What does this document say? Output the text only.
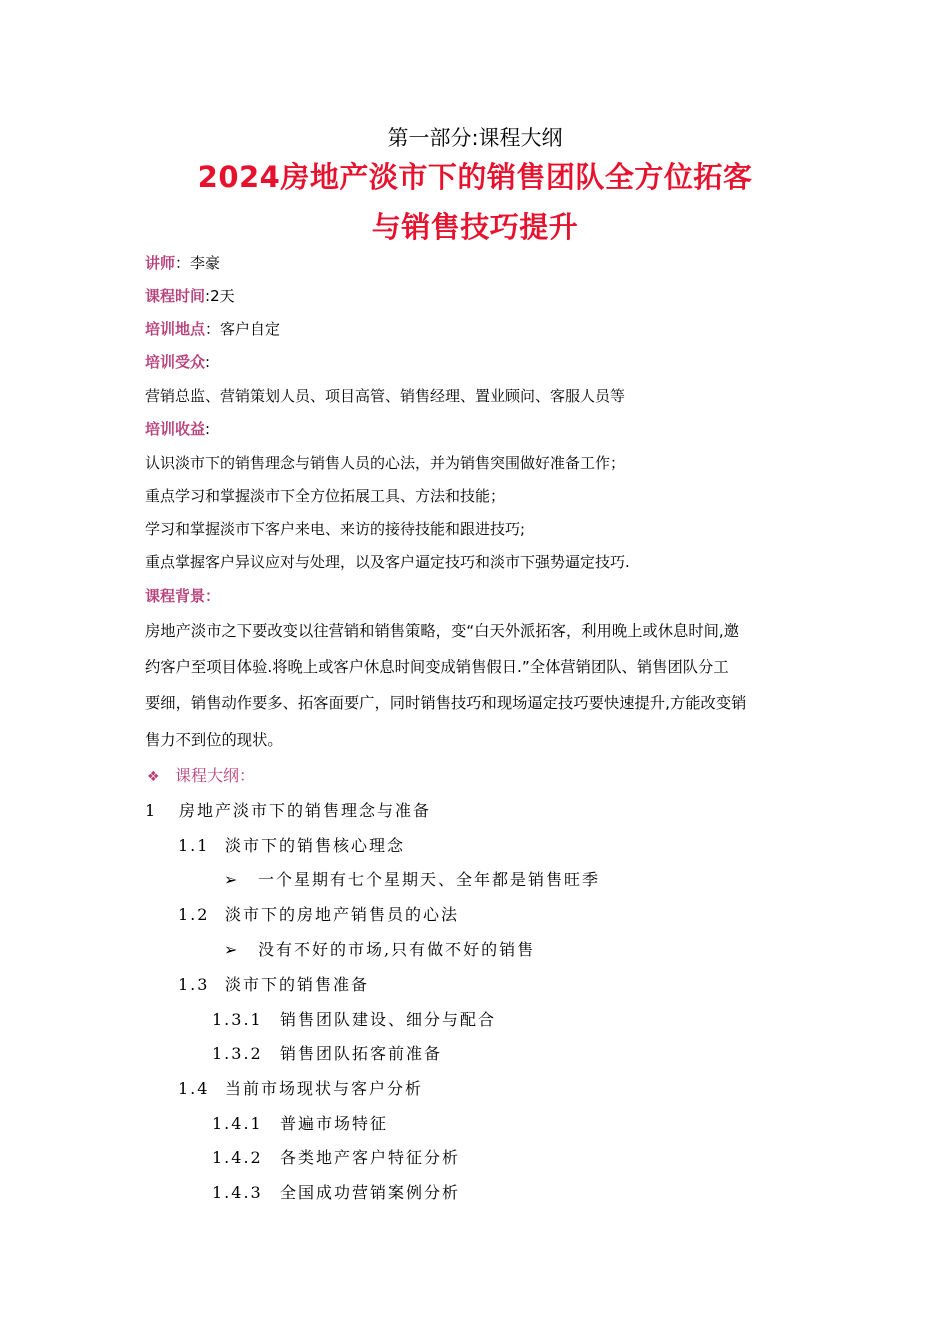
第一部分:课程大纲
2024房地产淡市下的销售团队全方位拓客
与销售技巧提升
讲师：李豪
课程时间:2天
培训地点：客户自定
培训受众:
营销总监、营销策划人员、项目高管、销售经理、置业顾问、客服人员等
培训收益:
认识淡市下的销售理念与销售人员的心法，并为销售突围做好准备工作；
重点学习和掌握淡市下全方位拓展工具、方法和技能；
学习和掌握淡市下客户来电、来访的接待技能和跟进技巧;
重点掌握客户异议应对与处理，以及客户逼定技巧和淡市下强势逼定技巧.
课程背景：
房地产淡市之下要改变以往营销和销售策略，变“白天外派拓客，利用晚上或休息时间,邀
约客户至项目体验.将晚上或客户休息时间变成销售假日.”全体营销团队、销售团队分工
要细，销售动作要多、拓客面要广，同时销售技巧和现场逼定技巧要快速提升,方能改变销
售力不到位的现状。
❖ 课程大纲：
1 房地产淡市下的销售理念与准备
1.1 淡市下的销售核心理念
➢ 一个星期有七个星期天、全年都是销售旺季
1.2 淡市下的房地产销售员的心法
➢ 没有不好的市场,只有做不好的销售
1.3 淡市下的销售准备
1.3.1 销售团队建设、细分与配合
1.3.2 销售团队拓客前准备
1.4 当前市场现状与客户分析
1.4.1 普遍市场特征
1.4.2 各类地产客户特征分析
1.4.3 全国成功营销案例分析
